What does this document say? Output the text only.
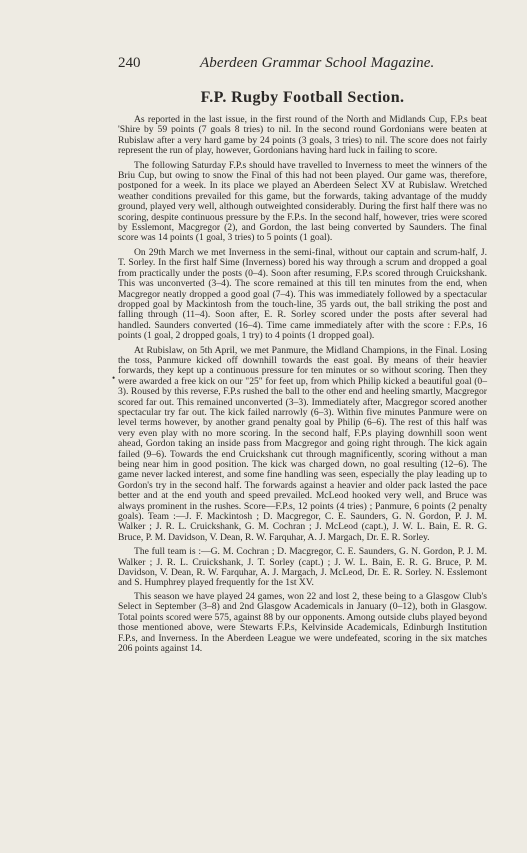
240	Aberdeen Grammar School Magazine.
F.P. Rugby Football Section.

As reported in the last issue, in the first round of the North and Midlands Cup, F.P.s beat 'Shire by 59 points (7 goals 8 tries) to nil. In the second round Gordonians were beaten at Rubislaw after a very hard game by 24 points (3 goals, 3 tries) to nil. The score does not fairly represent the run of play, however, Gordonians having hard luck in failing to score.

The following Saturday F.P.s should have travelled to Inverness to meet the winners of the Briu Cup, but owing to snow the Final of this had not been played. Our game was, therefore, postponed for a week. In its place we played an Aberdeen Select XV at Rubislaw. Wretched weather conditions prevailed for this game, but the forwards, taking advantage of the muddy ground, played very well, although outweighted considerably. During the first half there was no scoring, despite continuous pressure by the F.P.s. In the second half, however, tries were scored by Esslemont, Macgregor (2), and Gordon, the last being converted by Saunders. The final score was 14 points (1 goal, 3 tries) to 5 points (1 goal).

On 29th March we met Inverness in the semi-final, without our captain and scrum-half, J. T. Sorley. In the first half Sime (Inverness) bored his way through a scrum and dropped a goal from practically under the posts (0–4). Soon after resuming, F.P.s scored through Cruickshank. This was unconverted (3–4). The score remained at this till ten minutes from the end, when Macgregor neatly dropped a good goal (7–4). This was immediately followed by a spectacular dropped goal by Mackintosh from the touch-line, 35 yards out, the ball striking the post and falling through (11–4). Soon after, E. R. Sorley scored under the posts after several had handled. Saunders converted (16–4). Time came immediately after with the score : F.P.s, 16 points (1 goal, 2 dropped goals, 1 try) to 4 points (1 dropped goal).

At Rubislaw, on 5th April, we met Panmure, the Midland Champions, in the Final. Losing the toss, Panmure kicked off downhill towards the east goal. By means of their heavier forwards, they kept up a continuous pressure for ten minutes or so without scoring. Then they were awarded a free kick on our "25" for feet up, from which Philip kicked a beautiful goal (0–3). Roused by this reverse, F.P.s rushed the ball to the other end and heeling smartly, Macgregor scored far out. This remained unconverted (3–3). Immediately after, Macgregor scored another spectacular try far out. The kick failed narrowly (6–3). Within five minutes Panmure were on level terms however, by another grand penalty goal by Philip (6–6). The rest of this half was very even play with no more scoring. In the second half, F.P.s playing downhill soon went ahead, Gordon taking an inside pass from Macgregor and going right through. The kick again failed (9–6). Towards the end Cruickshank cut through magnificently, scoring without a man being near him in good position. The kick was charged down, no goal resulting (12–6). The game never lacked interest, and some fine handling was seen, especially the play leading up to Gordon's try in the second half. The forwards against a heavier and older pack lasted the pace better and at the end youth and speed prevailed. McLeod hooked very well, and Bruce was always prominent in the rushes. Score—F.P.s, 12 points (4 tries) ; Panmure, 6 points (2 penalty goals). Team :—J. F. Mackintosh ; D. Macgregor, C. E. Saunders, G. N. Gordon, P. J. M. Walker ; J. R. L. Cruickshank, G. M. Cochran ; J. McLeod (capt.), J. W. L. Bain, E. R. G. Bruce, P. M. Davidson, V. Dean, R. W. Farquhar, A. J. Margach, Dr. E. R. Sorley.

The full team is :—G. M. Cochran ; D. Macgregor, C. E. Saunders, G. N. Gordon, P. J. M. Walker ; J. R. L. Cruickshank, J. T. Sorley (capt.) ; J. W. L. Bain, E. R. G. Bruce, P. M. Davidson, V. Dean, R. W. Farquhar, A. J. Margach, J. McLeod, Dr. E. R. Sorley. N. Esslemont and S. Humphrey played frequently for the 1st XV.

This season we have played 24 games, won 22 and lost 2, these being to a Glasgow Club's Select in September (3–8) and 2nd Glasgow Academicals in January (0–12), both in Glasgow. Total points scored were 575, against 88 by our opponents. Among outside clubs played beyond those mentioned above, were Stewarts F.P.s, Kelvinside Academicals, Edinburgh Institution F.P.s, and Inverness. In the Aberdeen League we were undefeated, scoring in the six matches 206 points against 14.

•
